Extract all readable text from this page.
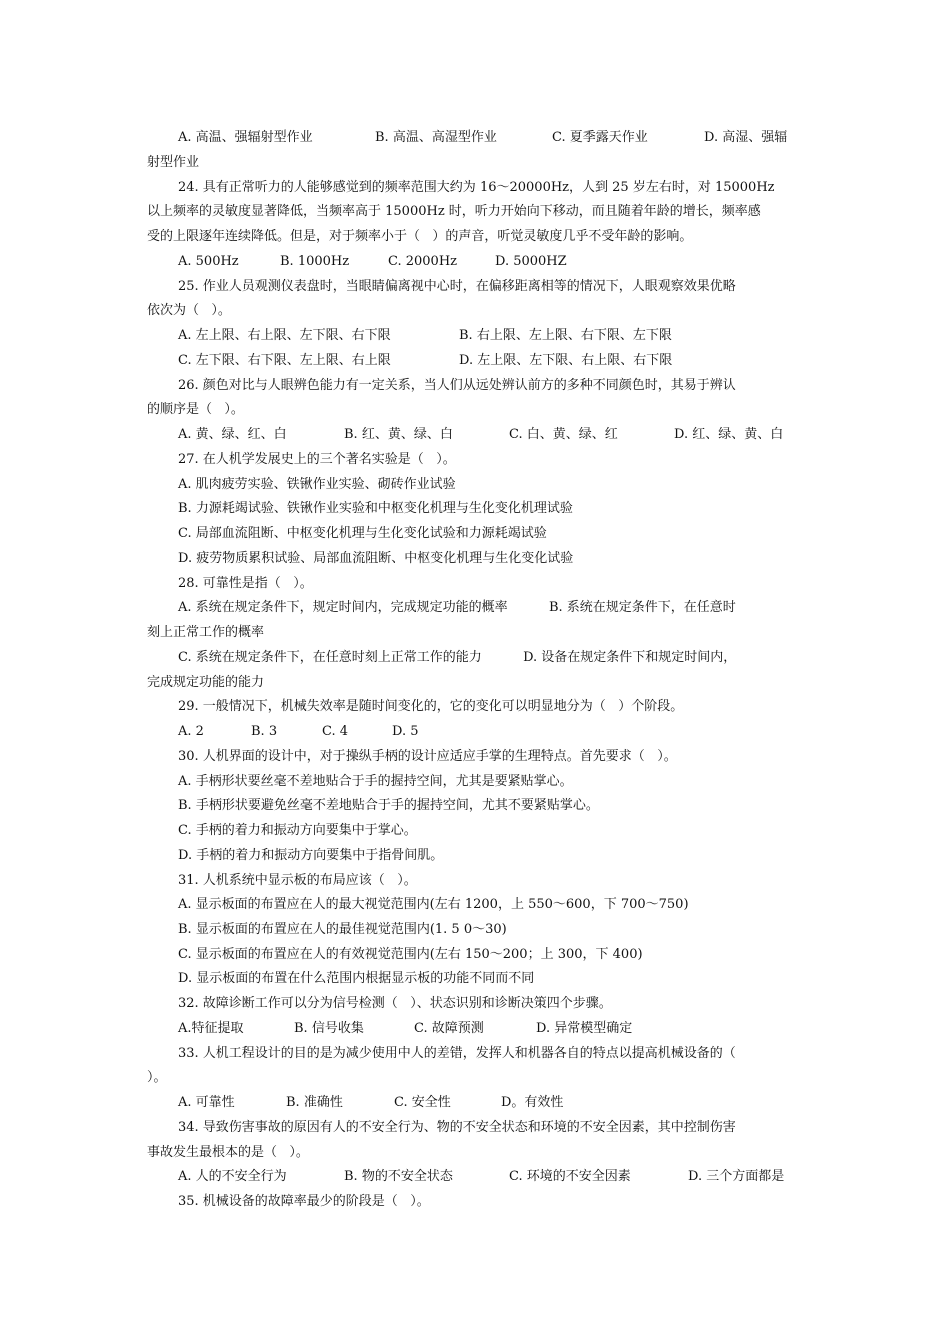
A. 高温、强辐射型作业

	B. 高温、高湿型作业

	C. 夏季露天作业

	D. 高湿、强辐

射型作业
24. 具有正常听力的人能够感觉到的频率范围大约为 16～20000Hz，人到 25 岁左右时，对 15000Hz
以上频率的灵敏度显著降低，当频率高于 15000Hz 时，听力开始向下移动，而且随着年龄的增长，频率感
受的上限逐年连续降低。但是，对于频率小于（   ）的声音，听觉灵敏度几乎不受年龄的影响。

A. 500Hz

	B. 1000Hz

	C. 2000Hz

	D. 5000HZ

25. 作业人员观测仪表盘时，当眼睛偏离视中心时，在偏移距离相等的情况下，人眼观察效果优略
依次为（   ）。

A. 左上限、右上限、左下限、右下限

	B. 右上限、左上限、右下限、左下限

C. 左下限、右下限、左上限、右上限

	D. 左上限、左下限、右上限、右下限

26. 颜色对比与人眼辨色能力有一定关系，当人们从远处辨认前方的多种不同颜色时，其易于辨认
的顺序是（   ）。

A. 黄、绿、红、白

	B. 红、黄、绿、白

	C. 白、黄、绿、红

	D. 红、绿、黄、白

27. 在人机学发展史上的三个著名实验是（   ）。
A. 肌肉疲劳实验、铁锹作业实验、砌砖作业试验
B. 力源耗竭试验、铁锹作业实验和中枢变化机理与生化变化机理试验
C. 局部血流阻断、中枢变化机理与生化变化试验和力源耗竭试验
D. 疲劳物质累积试验、局部血流阻断、中枢变化机理与生化变化试验
28. 可靠性是指（   ）。
A. 系统在规定条件下，规定时间内，完成规定功能的概率          B. 系统在规定条件下，在任意时
刻上正常工作的概率
C. 系统在规定条件下，在任意时刻上正常工作的能力          D. 设备在规定条件下和规定时间内，
完成规定功能的能力
29. 一般情况下，机械失效率是随时间变化的，它的变化可以明显地分为（   ）个阶段。

A. 2

	B. 3

	C. 4

	D. 5

30. 人机界面的设计中，对于操纵手柄的设计应适应手掌的生理特点。首先要求（   ）。
A. 手柄形状要丝毫不差地贴合于手的握持空间，尤其是要紧贴掌心。
B. 手柄形状要避免丝毫不差地贴合于手的握持空间，尤其不要紧贴掌心。
C. 手柄的着力和振动方向要集中于掌心。
D. 手柄的着力和振动方向要集中于指骨间肌。
31. 人机系统中显示板的布局应该（   ）。
A. 显示板面的布置应在人的最大视觉范围内(左右 1200，上 550～600，下 700～750)
B. 显示板面的布置应在人的最佳视觉范围内(1. 5 0～30)
C. 显示板面的布置应在人的有效视觉范围内(左右 150～200；上 300，下 400)
D. 显示板面的布置在什么范围内根据显示板的功能不同而不同
32. 故障诊断工作可以分为信号检测（   ）、状态识别和诊断决策四个步骤。

A.特征提取

	B. 信号收集

	C. 故障预测

	D. 异常模型确定

33. 人机工程设计的目的是为减少使用中人的差错，发挥人和机器各自的特点以提高机械设备的（
）。

A. 可靠性

	B. 准确性

	C. 安全性

	D。有效性

34. 导致伤害事故的原因有人的不安全行为、物的不安全状态和环境的不安全因素，其中控制伤害
事故发生最根本的是（   ）。

A. 人的不安全行为

	B. 物的不安全状态

	C. 环境的不安全因素

	D. 三个方面都是

35. 机械设备的故障率最少的阶段是（   ）。
